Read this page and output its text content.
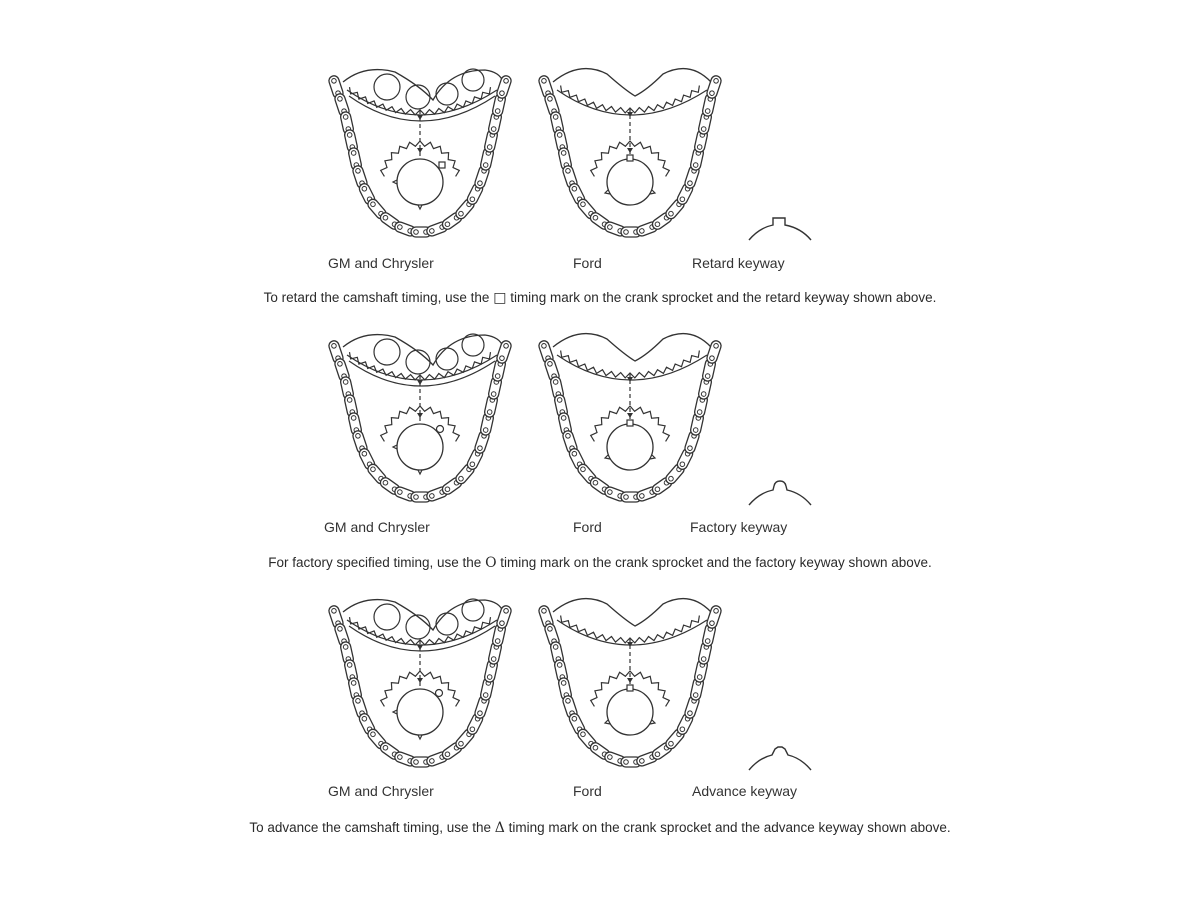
GM and Chrysler	Ford	Retard keyway
To retard the camshaft timing, use the □ timing mark on the crank sprocket and the retard keyway shown above.
GM and Chrysler	Ford	Factory keyway
For factory specified timing, use the O timing mark on the crank sprocket and the factory keyway shown above.
GM and Chrysler	Ford	Advance keyway
To advance the camshaft timing, use the Δ timing mark on the crank sprocket and the advance keyway shown above.
